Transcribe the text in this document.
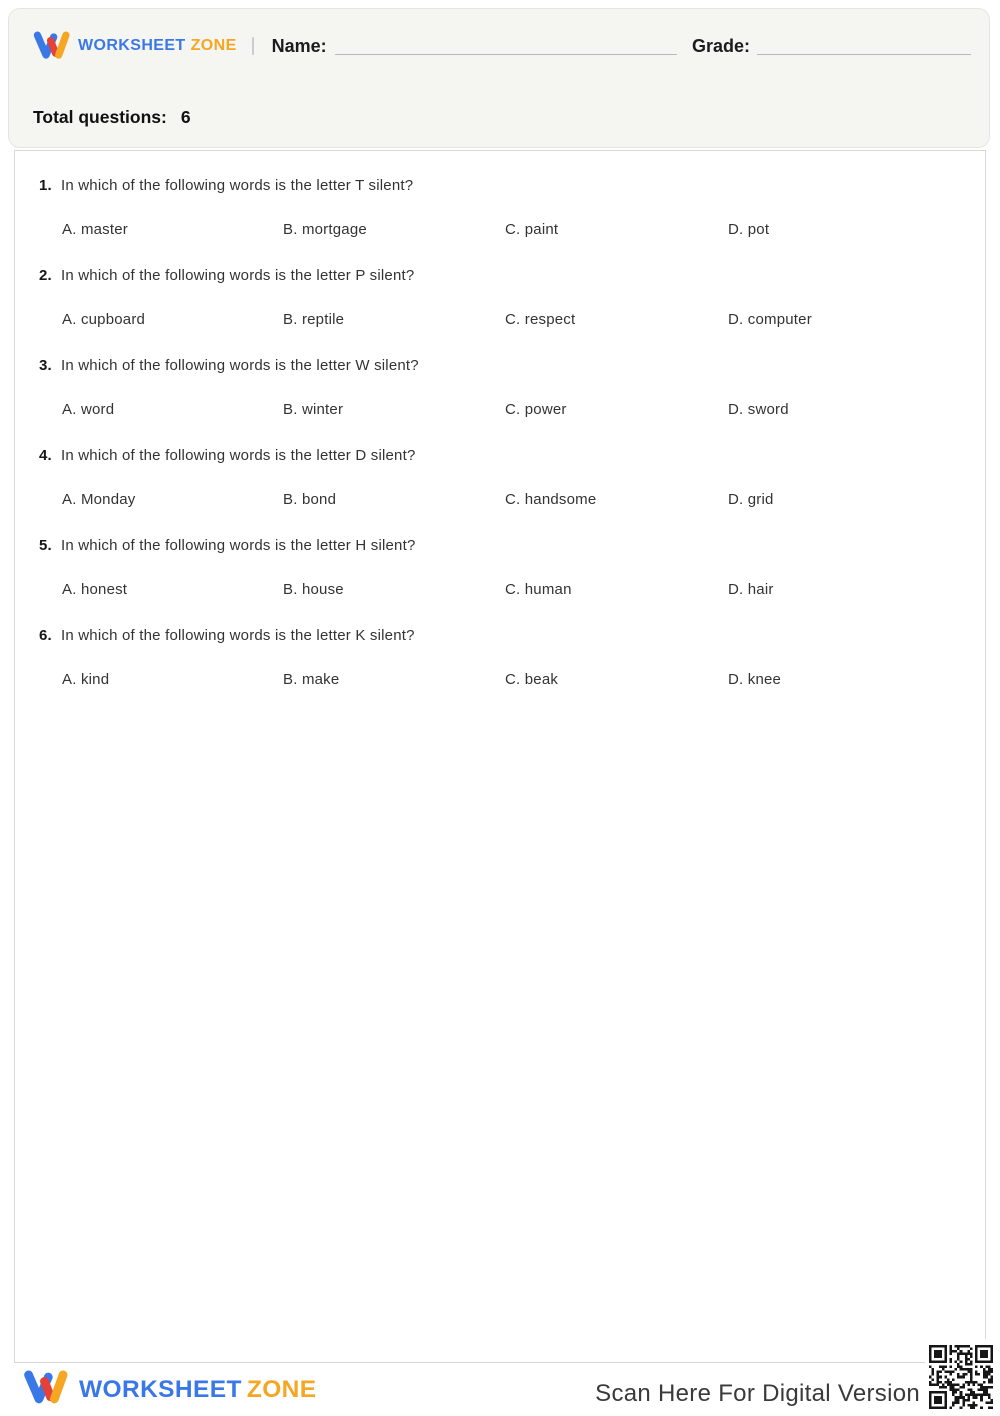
WORKSHEET ZONE Name:	Grade:
Total questions: 6
1. In which of the following words is the letter T silent?
A. master	B. mortgage	C. paint	D. pot
2. In which of the following words is the letter P silent?
A. cupboard	B. reptile	C. respect	D. computer
3. In which of the following words is the letter W silent?
A. word	B. winter	C. power	D. sword
4. In which of the following words is the letter D silent?
A. Monday	B. bond	C. handsome	D. grid
5. In which of the following words is the letter H silent?
A. honest	B. house	C. human	D. hair
6. In which of the following words is the letter K silent?
A. kind	B. make	C. beak	D. knee
WORKSHEET ZONE	Scan Here For Digital Version
